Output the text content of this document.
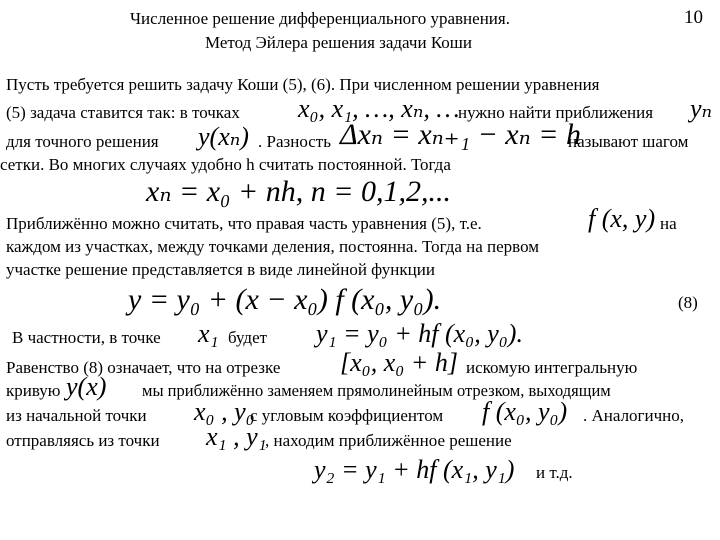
Численное решение дифференциального уравнения.
Метод Эйлера решения задачи Коши
10
Пусть требуется решить задачу Коши (5), (6). При численном решении уравнения
(5) задача ставится так: в точках x₀, x₁, …, xₙ, …
нужно найти приближения yₙ
для точного решения y(xₙ) . Разность Δxₙ = xₙ₊₁ − xₙ = h
называют шагом
сетки. Во многих случаях удобно h считать постоянной. Тогда
xₙ = x₀ + nh, n = 0,1,2,...
Приближённо можно считать, что правая часть уравнения (5), т.е.	f (x, y) на
каждом из участках, между точками деления, постоянна. Тогда на первом
участке решение представляется в виде линейной функции
y = y₀ + (x − x₀) f (x₀, y₀).	(8)
В частности, в точке x₁ будет y₁ = y₀ + hf (x₀, y₀).
Равенство (8) означает, что на отрезке [x₀, x₀ + h] искомую интегральную
кривую y(x) мы приближённо заменяем прямолинейным отрезком, выходящим
из начальной точки x₀ , y₀
с угловым коэффициентом f (x₀, y₀) . Аналогично,
отправляясь из точки x₁ , y₁
, находим приближённое решение
y₂ = y₁ + hf (x₁, y₁) и т.д.
